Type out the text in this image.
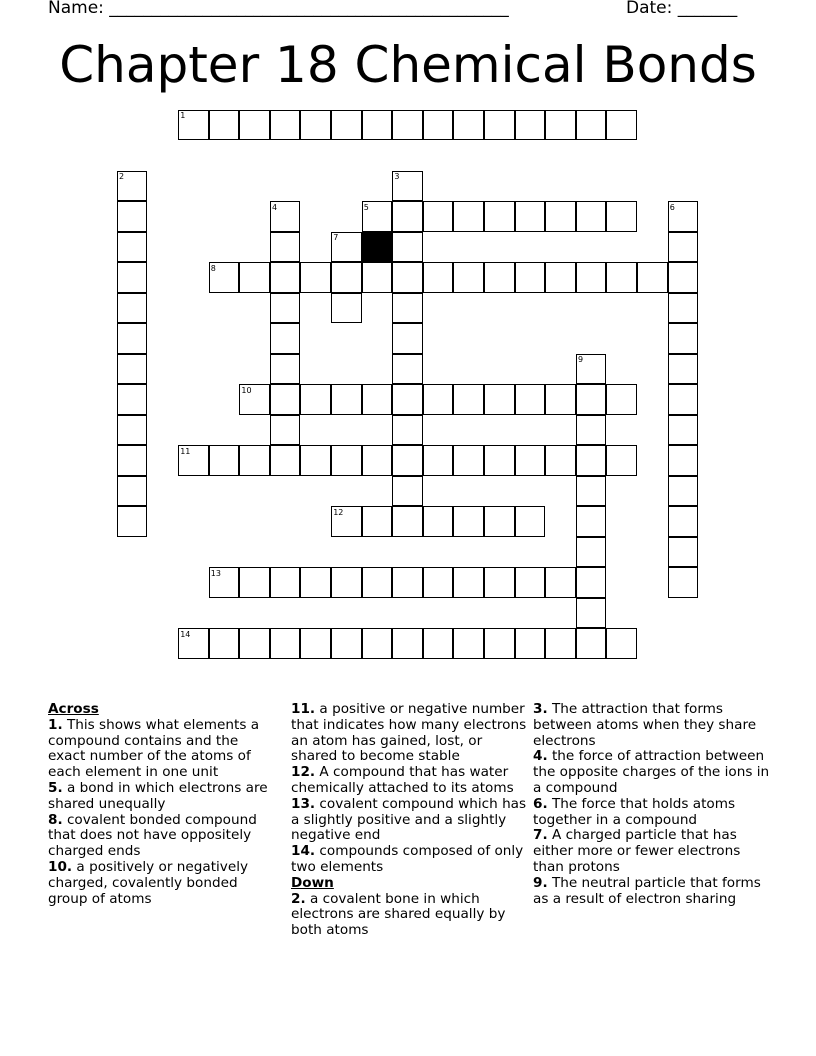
Name: _______________________________________________	Date: _______
Chapter 18 Chemical Bonds
1
2	3
4	5	6
7
8
9
10
11
12
13
14

Across

1. This shows what elements a compound contains and the exact number of the atoms of each element in one unit

5. a bond in which electrons are shared unequally

8. covalent bonded compound that does not have oppositely charged ends

10. a positively or negatively charged, covalently bonded group of atoms

11. a positive or negative number that indicates how many electrons an atom has gained, lost, or shared to become stable

12. A compound that has water chemically attached to its atoms

13. covalent compound which has a slightly positive and a slightly negative end

14. compounds composed of only two elements

Down

2. a covalent bone in which electrons are shared equally by both atoms

3. The attraction that forms between atoms when they share electrons

4. the force of attraction between the opposite charges of the ions in a compound

6. The force that holds atoms together in a compound

7. A charged particle that has either more or fewer electrons than protons

9. The neutral particle that forms as a result of electron sharing
